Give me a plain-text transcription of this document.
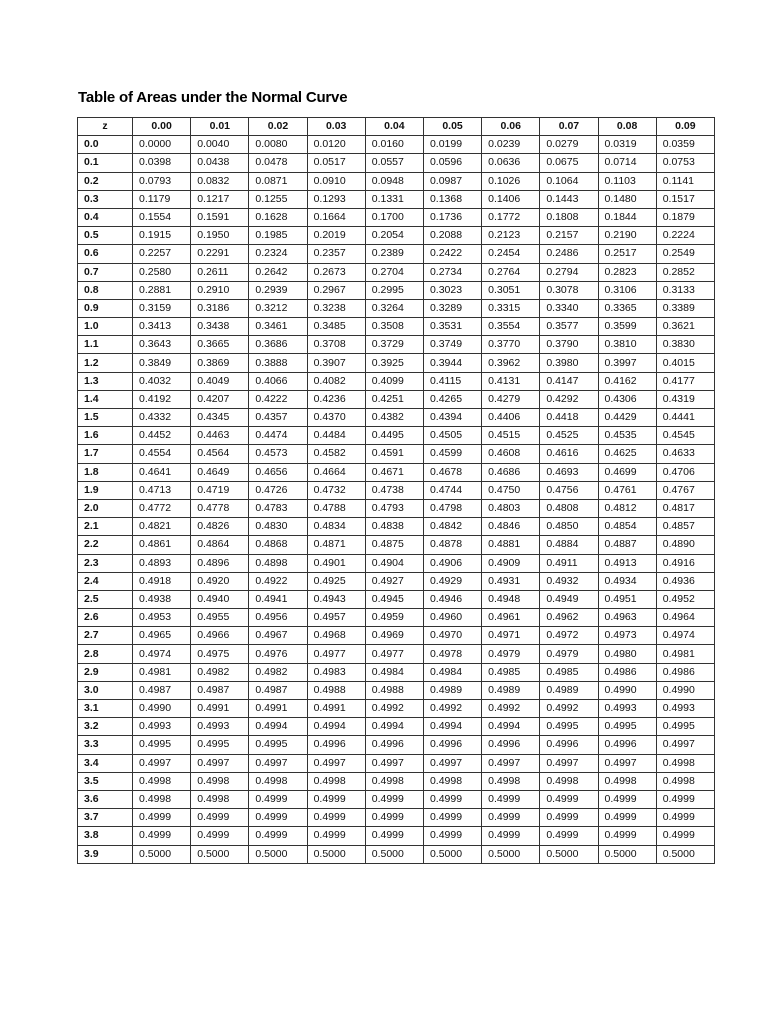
Table of Areas under the Normal Curve
z	0.00	0.01	0.02	0.03	0.04	0.05	0.06	0.07	0.08	0.09
0.0	0.0000	0.0040	0.0080	0.0120	0.0160	0.0199	0.0239	0.0279	0.0319	0.0359
0.1	0.0398	0.0438	0.0478	0.0517	0.0557	0.0596	0.0636	0.0675	0.0714	0.0753
0.2	0.0793	0.0832	0.0871	0.0910	0.0948	0.0987	0.1026	0.1064	0.1103	0.1141
0.3	0.1179	0.1217	0.1255	0.1293	0.1331	0.1368	0.1406	0.1443	0.1480	0.1517
0.4	0.1554	0.1591	0.1628	0.1664	0.1700	0.1736	0.1772	0.1808	0.1844	0.1879
0.5	0.1915	0.1950	0.1985	0.2019	0.2054	0.2088	0.2123	0.2157	0.2190	0.2224
0.6	0.2257	0.2291	0.2324	0.2357	0.2389	0.2422	0.2454	0.2486	0.2517	0.2549
0.7	0.2580	0.2611	0.2642	0.2673	0.2704	0.2734	0.2764	0.2794	0.2823	0.2852
0.8	0.2881	0.2910	0.2939	0.2967	0.2995	0.3023	0.3051	0.3078	0.3106	0.3133
0.9	0.3159	0.3186	0.3212	0.3238	0.3264	0.3289	0.3315	0.3340	0.3365	0.3389
1.0	0.3413	0.3438	0.3461	0.3485	0.3508	0.3531	0.3554	0.3577	0.3599	0.3621
1.1	0.3643	0.3665	0.3686	0.3708	0.3729	0.3749	0.3770	0.3790	0.3810	0.3830
1.2	0.3849	0.3869	0.3888	0.3907	0.3925	0.3944	0.3962	0.3980	0.3997	0.4015
1.3	0.4032	0.4049	0.4066	0.4082	0.4099	0.4115	0.4131	0.4147	0.4162	0.4177
1.4	0.4192	0.4207	0.4222	0.4236	0.4251	0.4265	0.4279	0.4292	0.4306	0.4319
1.5	0.4332	0.4345	0.4357	0.4370	0.4382	0.4394	0.4406	0.4418	0.4429	0.4441
1.6	0.4452	0.4463	0.4474	0.4484	0.4495	0.4505	0.4515	0.4525	0.4535	0.4545
1.7	0.4554	0.4564	0.4573	0.4582	0.4591	0.4599	0.4608	0.4616	0.4625	0.4633
1.8	0.4641	0.4649	0.4656	0.4664	0.4671	0.4678	0.4686	0.4693	0.4699	0.4706
1.9	0.4713	0.4719	0.4726	0.4732	0.4738	0.4744	0.4750	0.4756	0.4761	0.4767
2.0	0.4772	0.4778	0.4783	0.4788	0.4793	0.4798	0.4803	0.4808	0.4812	0.4817
2.1	0.4821	0.4826	0.4830	0.4834	0.4838	0.4842	0.4846	0.4850	0.4854	0.4857
2.2	0.4861	0.4864	0.4868	0.4871	0.4875	0.4878	0.4881	0.4884	0.4887	0.4890
2.3	0.4893	0.4896	0.4898	0.4901	0.4904	0.4906	0.4909	0.4911	0.4913	0.4916
2.4	0.4918	0.4920	0.4922	0.4925	0.4927	0.4929	0.4931	0.4932	0.4934	0.4936
2.5	0.4938	0.4940	0.4941	0.4943	0.4945	0.4946	0.4948	0.4949	0.4951	0.4952
2.6	0.4953	0.4955	0.4956	0.4957	0.4959	0.4960	0.4961	0.4962	0.4963	0.4964
2.7	0.4965	0.4966	0.4967	0.4968	0.4969	0.4970	0.4971	0.4972	0.4973	0.4974
2.8	0.4974	0.4975	0.4976	0.4977	0.4977	0.4978	0.4979	0.4979	0.4980	0.4981
2.9	0.4981	0.4982	0.4982	0.4983	0.4984	0.4984	0.4985	0.4985	0.4986	0.4986
3.0	0.4987	0.4987	0.4987	0.4988	0.4988	0.4989	0.4989	0.4989	0.4990	0.4990
3.1	0.4990	0.4991	0.4991	0.4991	0.4992	0.4992	0.4992	0.4992	0.4993	0.4993
3.2	0.4993	0.4993	0.4994	0.4994	0.4994	0.4994	0.4994	0.4995	0.4995	0.4995
3.3	0.4995	0.4995	0.4995	0.4996	0.4996	0.4996	0.4996	0.4996	0.4996	0.4997
3.4	0.4997	0.4997	0.4997	0.4997	0.4997	0.4997	0.4997	0.4997	0.4997	0.4998
3.5	0.4998	0.4998	0.4998	0.4998	0.4998	0.4998	0.4998	0.4998	0.4998	0.4998
3.6	0.4998	0.4998	0.4999	0.4999	0.4999	0.4999	0.4999	0.4999	0.4999	0.4999
3.7	0.4999	0.4999	0.4999	0.4999	0.4999	0.4999	0.4999	0.4999	0.4999	0.4999
3.8	0.4999	0.4999	0.4999	0.4999	0.4999	0.4999	0.4999	0.4999	0.4999	0.4999
3.9	0.5000	0.5000	0.5000	0.5000	0.5000	0.5000	0.5000	0.5000	0.5000	0.5000
